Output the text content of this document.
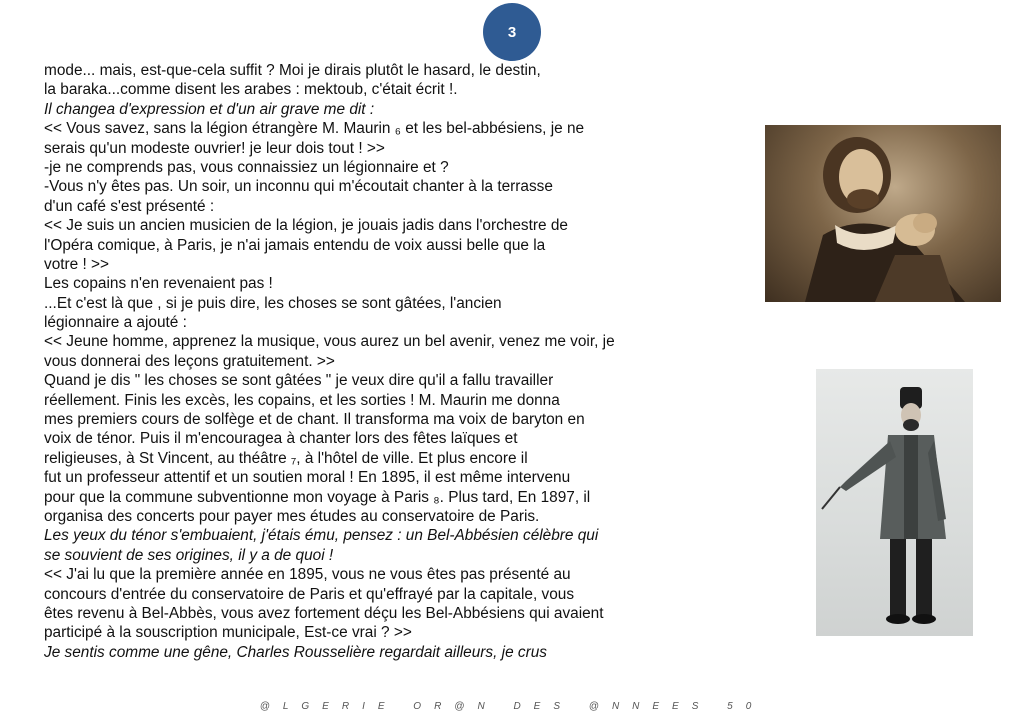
3
mode... mais, est-que-cela suffit ? Moi je dirais plutôt le hasard, le destin,
la baraka...comme disent les arabes : mektoub, c'était écrit !.
Il changea d'expression et d'un air grave me dit :
<< Vous savez, sans la légion étrangère M. Maurin ₆ et les bel-abbésiens, je ne
serais qu'un modeste ouvrier! je leur dois tout ! >>
-je ne comprends pas, vous connaissiez un légionnaire et ?
-Vous n'y êtes pas. Un soir, un inconnu qui m'écoutait chanter à la terrasse
d'un café s'est présenté :
<< Je suis un ancien musicien de la légion, je jouais jadis dans l'orchestre de
l'Opéra comique, à Paris, je n'ai jamais entendu de voix aussi belle que la
votre ! >>
Les copains n'en revenaient pas !
...Et c'est là que , si je puis dire, les choses se sont gâtées, l'ancien
légionnaire a ajouté :
<< Jeune homme, apprenez la musique, vous aurez un bel avenir, venez me voir, je
vous donnerai des leçons gratuitement. >>
Quand je dis " les choses se sont gâtées " je veux dire qu'il a fallu travailler
réellement. Finis les excès, les copains, et les sorties ! M. Maurin me donna
mes premiers cours de solfège et de chant. Il transforma ma voix de baryton en
voix de ténor. Puis il m'encouragea à chanter lors des fêtes laïques et
religieuses, à St Vincent, au théâtre ₇, à l'hôtel de ville. Et plus encore il
fut un professeur attentif et un soutien moral ! En 1895, il est même intervenu
pour que la commune subventionne mon voyage à Paris ₈. Plus tard, En 1897, il
organisa des concerts pour payer mes études au conservatoire de Paris.
Les yeux du ténor s'embuaient, j'étais ému, pensez : un Bel-Abbésien célèbre qui
se souvient de ses origines, il y a de quoi !
<< J'ai lu que la première année en 1895, vous ne vous êtes pas présenté au
concours d'entrée du conservatoire de Paris et qu'effrayé par la capitale, vous
êtes revenu à Bel-Abbès, vous avez fortement déçu les Bel-Abbésiens qui avaient
participé à la souscription municipale, Est-ce vrai ? >>
Je sentis comme une gêne, Charles Rousselière regardait ailleurs, je crus
@LGERIE OR@N DES @NNEES 50
